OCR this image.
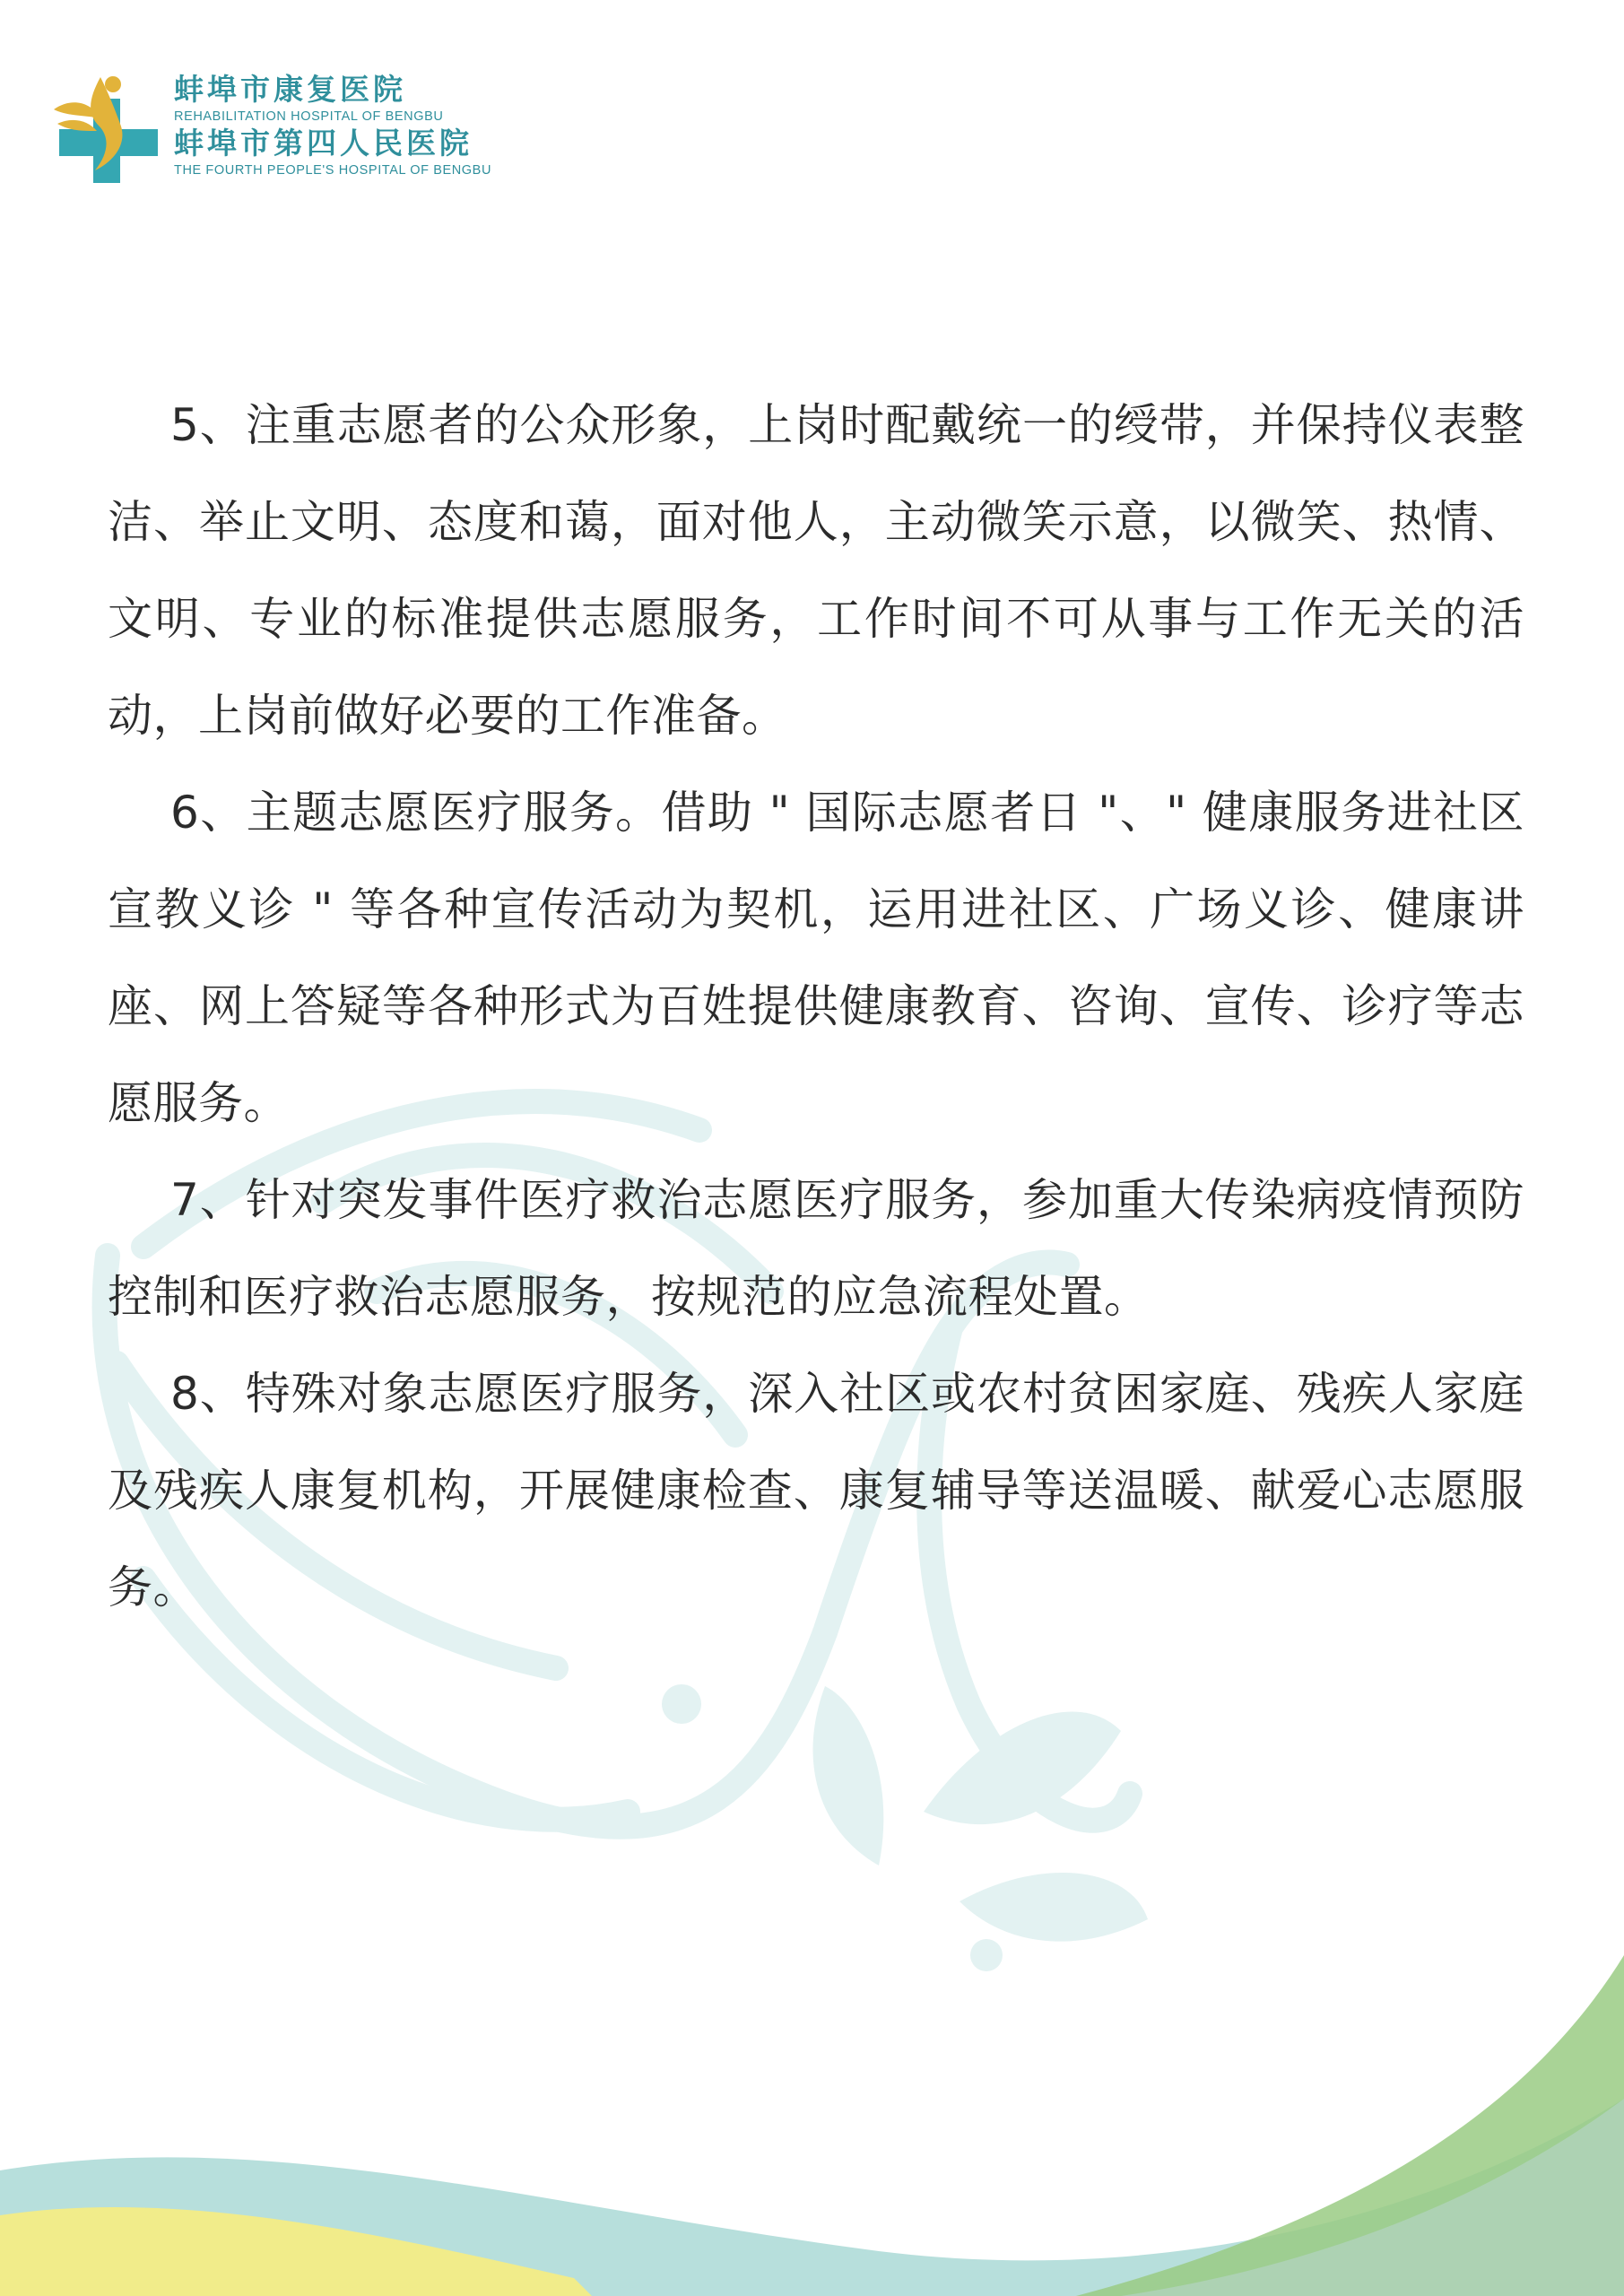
蚌埠市康复医院
REHABILITATION HOSPITAL OF BENGBU
蚌埠市第四人民医院
THE FOURTH PEOPLE'S HOSPITAL OF BENGBU

5、注重志愿者的公众形象，上岗时配戴统一的绶带，并保持仪表整洁、举止文明、态度和蔼，面对他人，主动微笑示意，以微笑、热情、文明、专业的标准提供志愿服务，工作时间不可从事与工作无关的活动，上岗前做好必要的工作准备。

6、主题志愿医疗服务。借助 " 国际志愿者日 "、" 健康服务进社区宣教义诊 " 等各种宣传活动为契机，运用进社区、广场义诊、健康讲座、网上答疑等各种形式为百姓提供健康教育、咨询、宣传、诊疗等志愿服务。

7、针对突发事件医疗救治志愿医疗服务，参加重大传染病疫情预防控制和医疗救治志愿服务，按规范的应急流程处置。

8、特殊对象志愿医疗服务，深入社区或农村贫困家庭、残疾人家庭及残疾人康复机构，开展健康检查、康复辅导等送温暖、献爱心志愿服务。
